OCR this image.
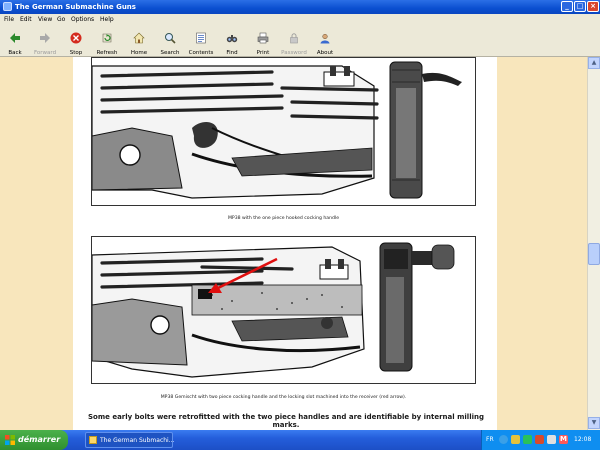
The German Submachine Guns	_	□ ×
File Edit View Go Options Help
Back	Forward	Stop	Refresh	Home	Search	Contents	Find	Print	Password	About
MP38 with the one piece hooked cocking handle
MP38 Gemischt with two piece cocking handle and the locking slot machined into the receiver (red arrow).
Some early bolts were retrofitted with the two piece handles and are identifiable by internal milling marks.
▲
▼
démarrer	The German Submachi...	FR	M 12:08
